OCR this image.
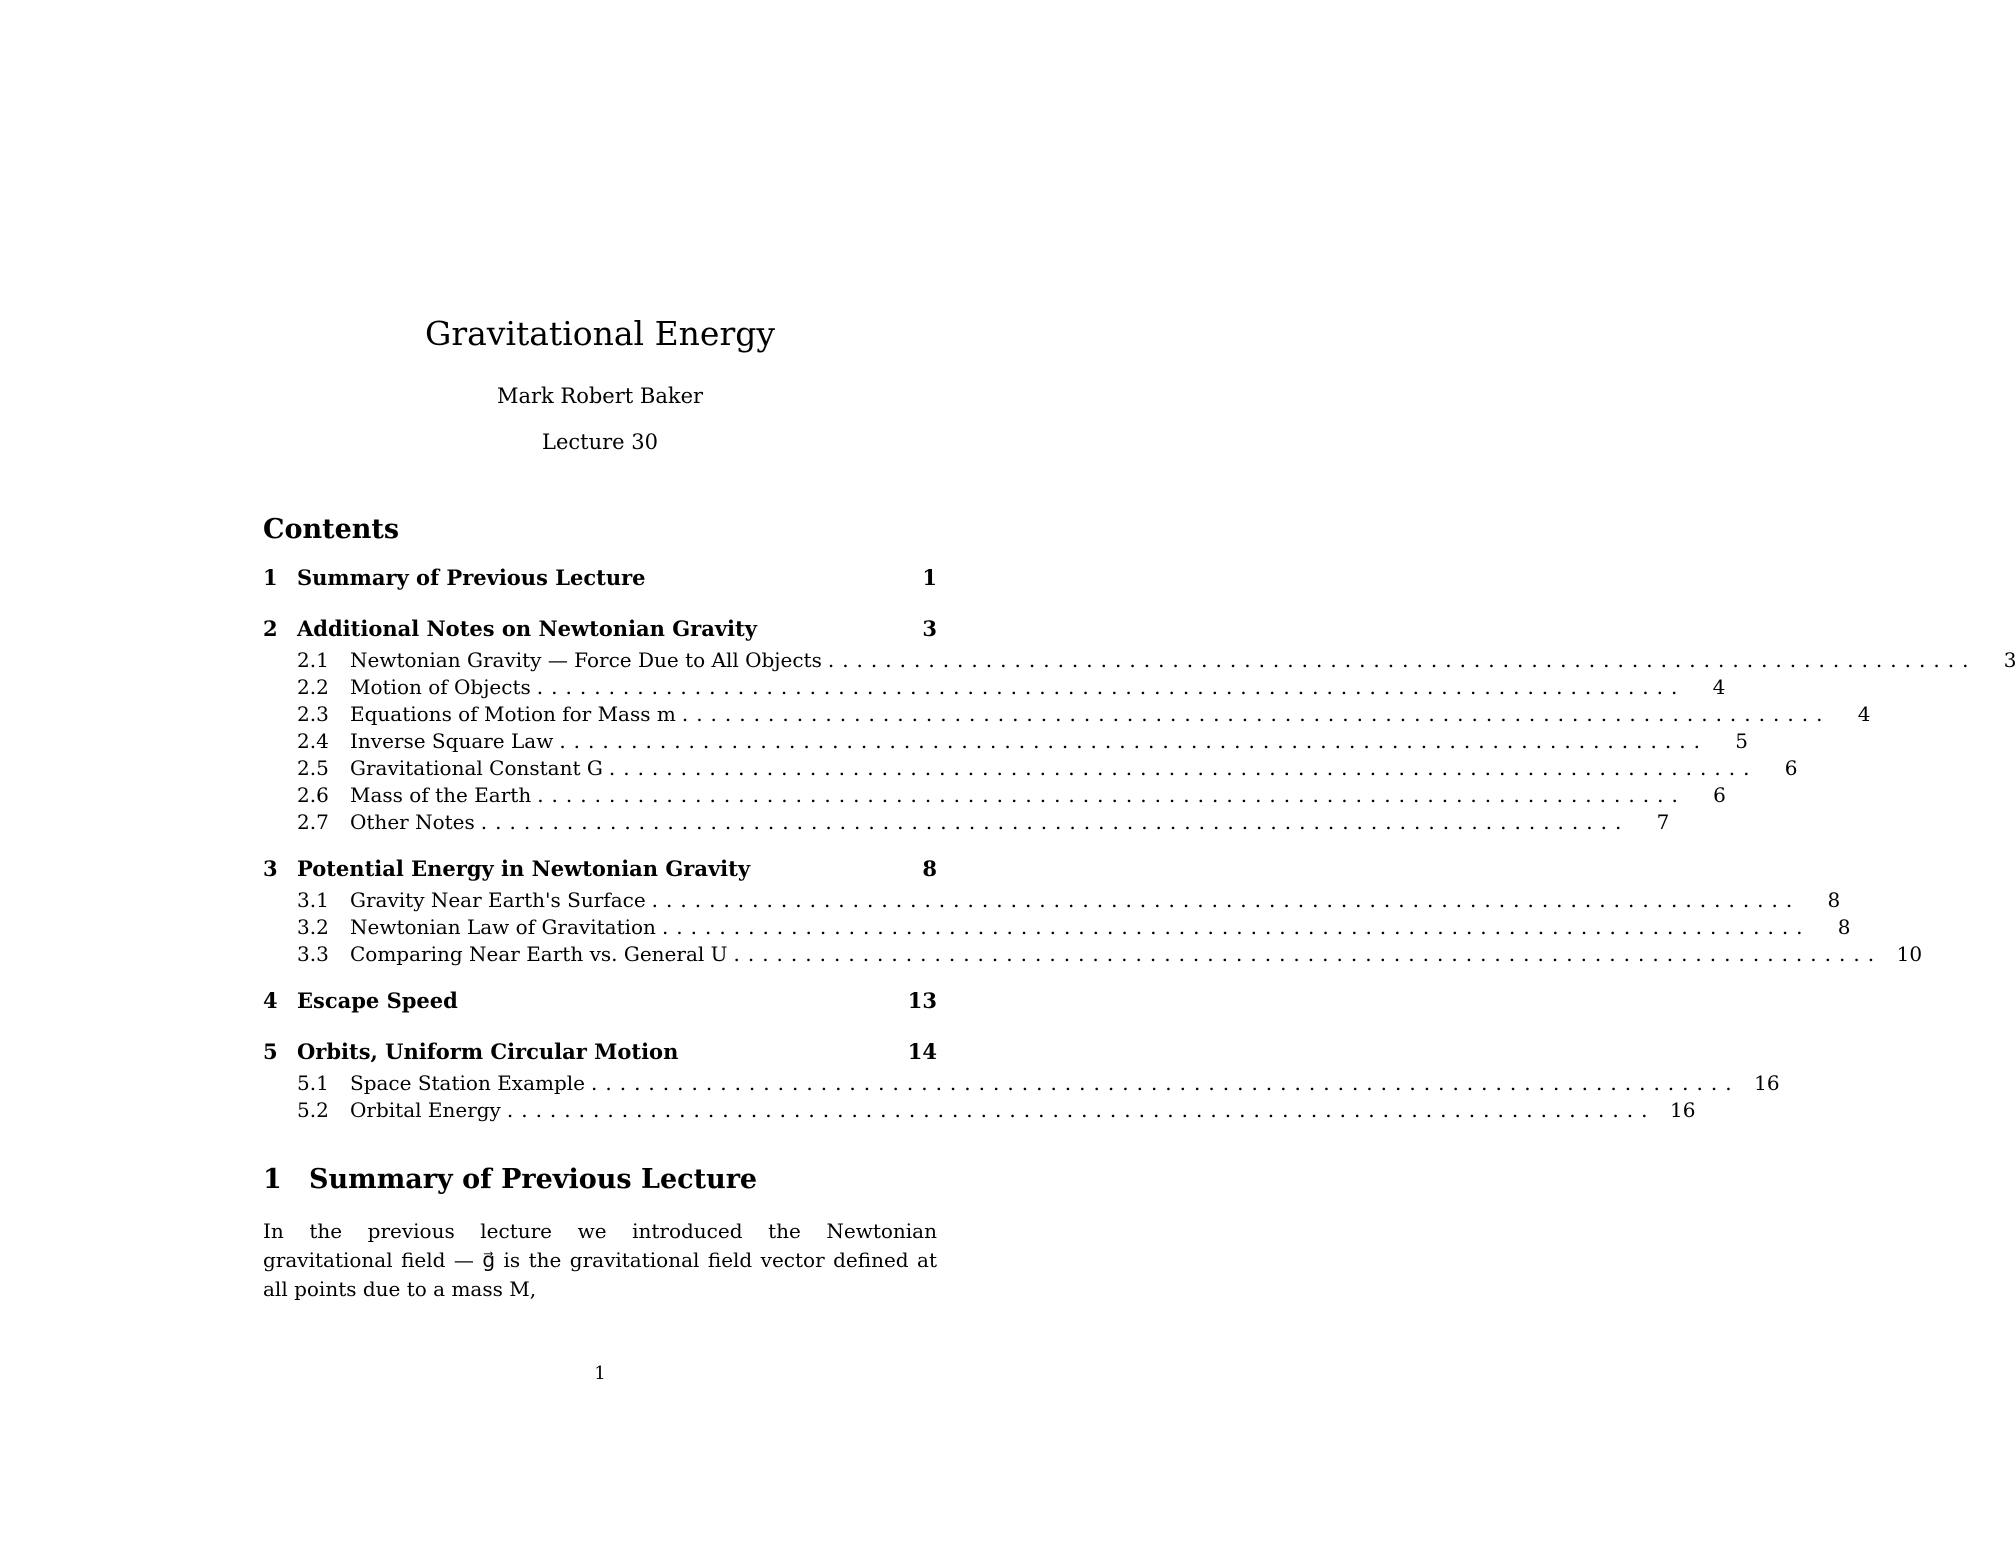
Gravitational Energy
Mark Robert Baker
Lecture 30
Contents
1 Summary of Previous Lecture	1
2 Additional Notes on Newtonian Gravity	3
2.1	Newtonian Gravity — Force Due to All Objects ................................................................................	3
2.2	Motion of Objects ................................................................................	4
2.3	Equations of Motion for Mass m ................................................................................	4
2.4	Inverse Square Law ................................................................................	5
2.5	Gravitational Constant G ................................................................................	6
2.6	Mass of the Earth ................................................................................	6
2.7	Other Notes ................................................................................	7
3 Potential Energy in Newtonian Gravity	8
3.1	Gravity Near Earth's Surface ................................................................................	8
3.2	Newtonian Law of Gravitation ................................................................................	8
3.3	Comparing Near Earth vs. General U ................................................................................ 10
4 Escape Speed	13
5 Orbits, Uniform Circular Motion	14
5.1	Space Station Example ................................................................................ 16
5.2	Orbital Energy ................................................................................ 16
1	Summary of Previous Lecture
In the previous lecture we introduced the Newtonian gravitational field — g⃗ is the gravitational field vector defined at all points due to a mass M,
1
